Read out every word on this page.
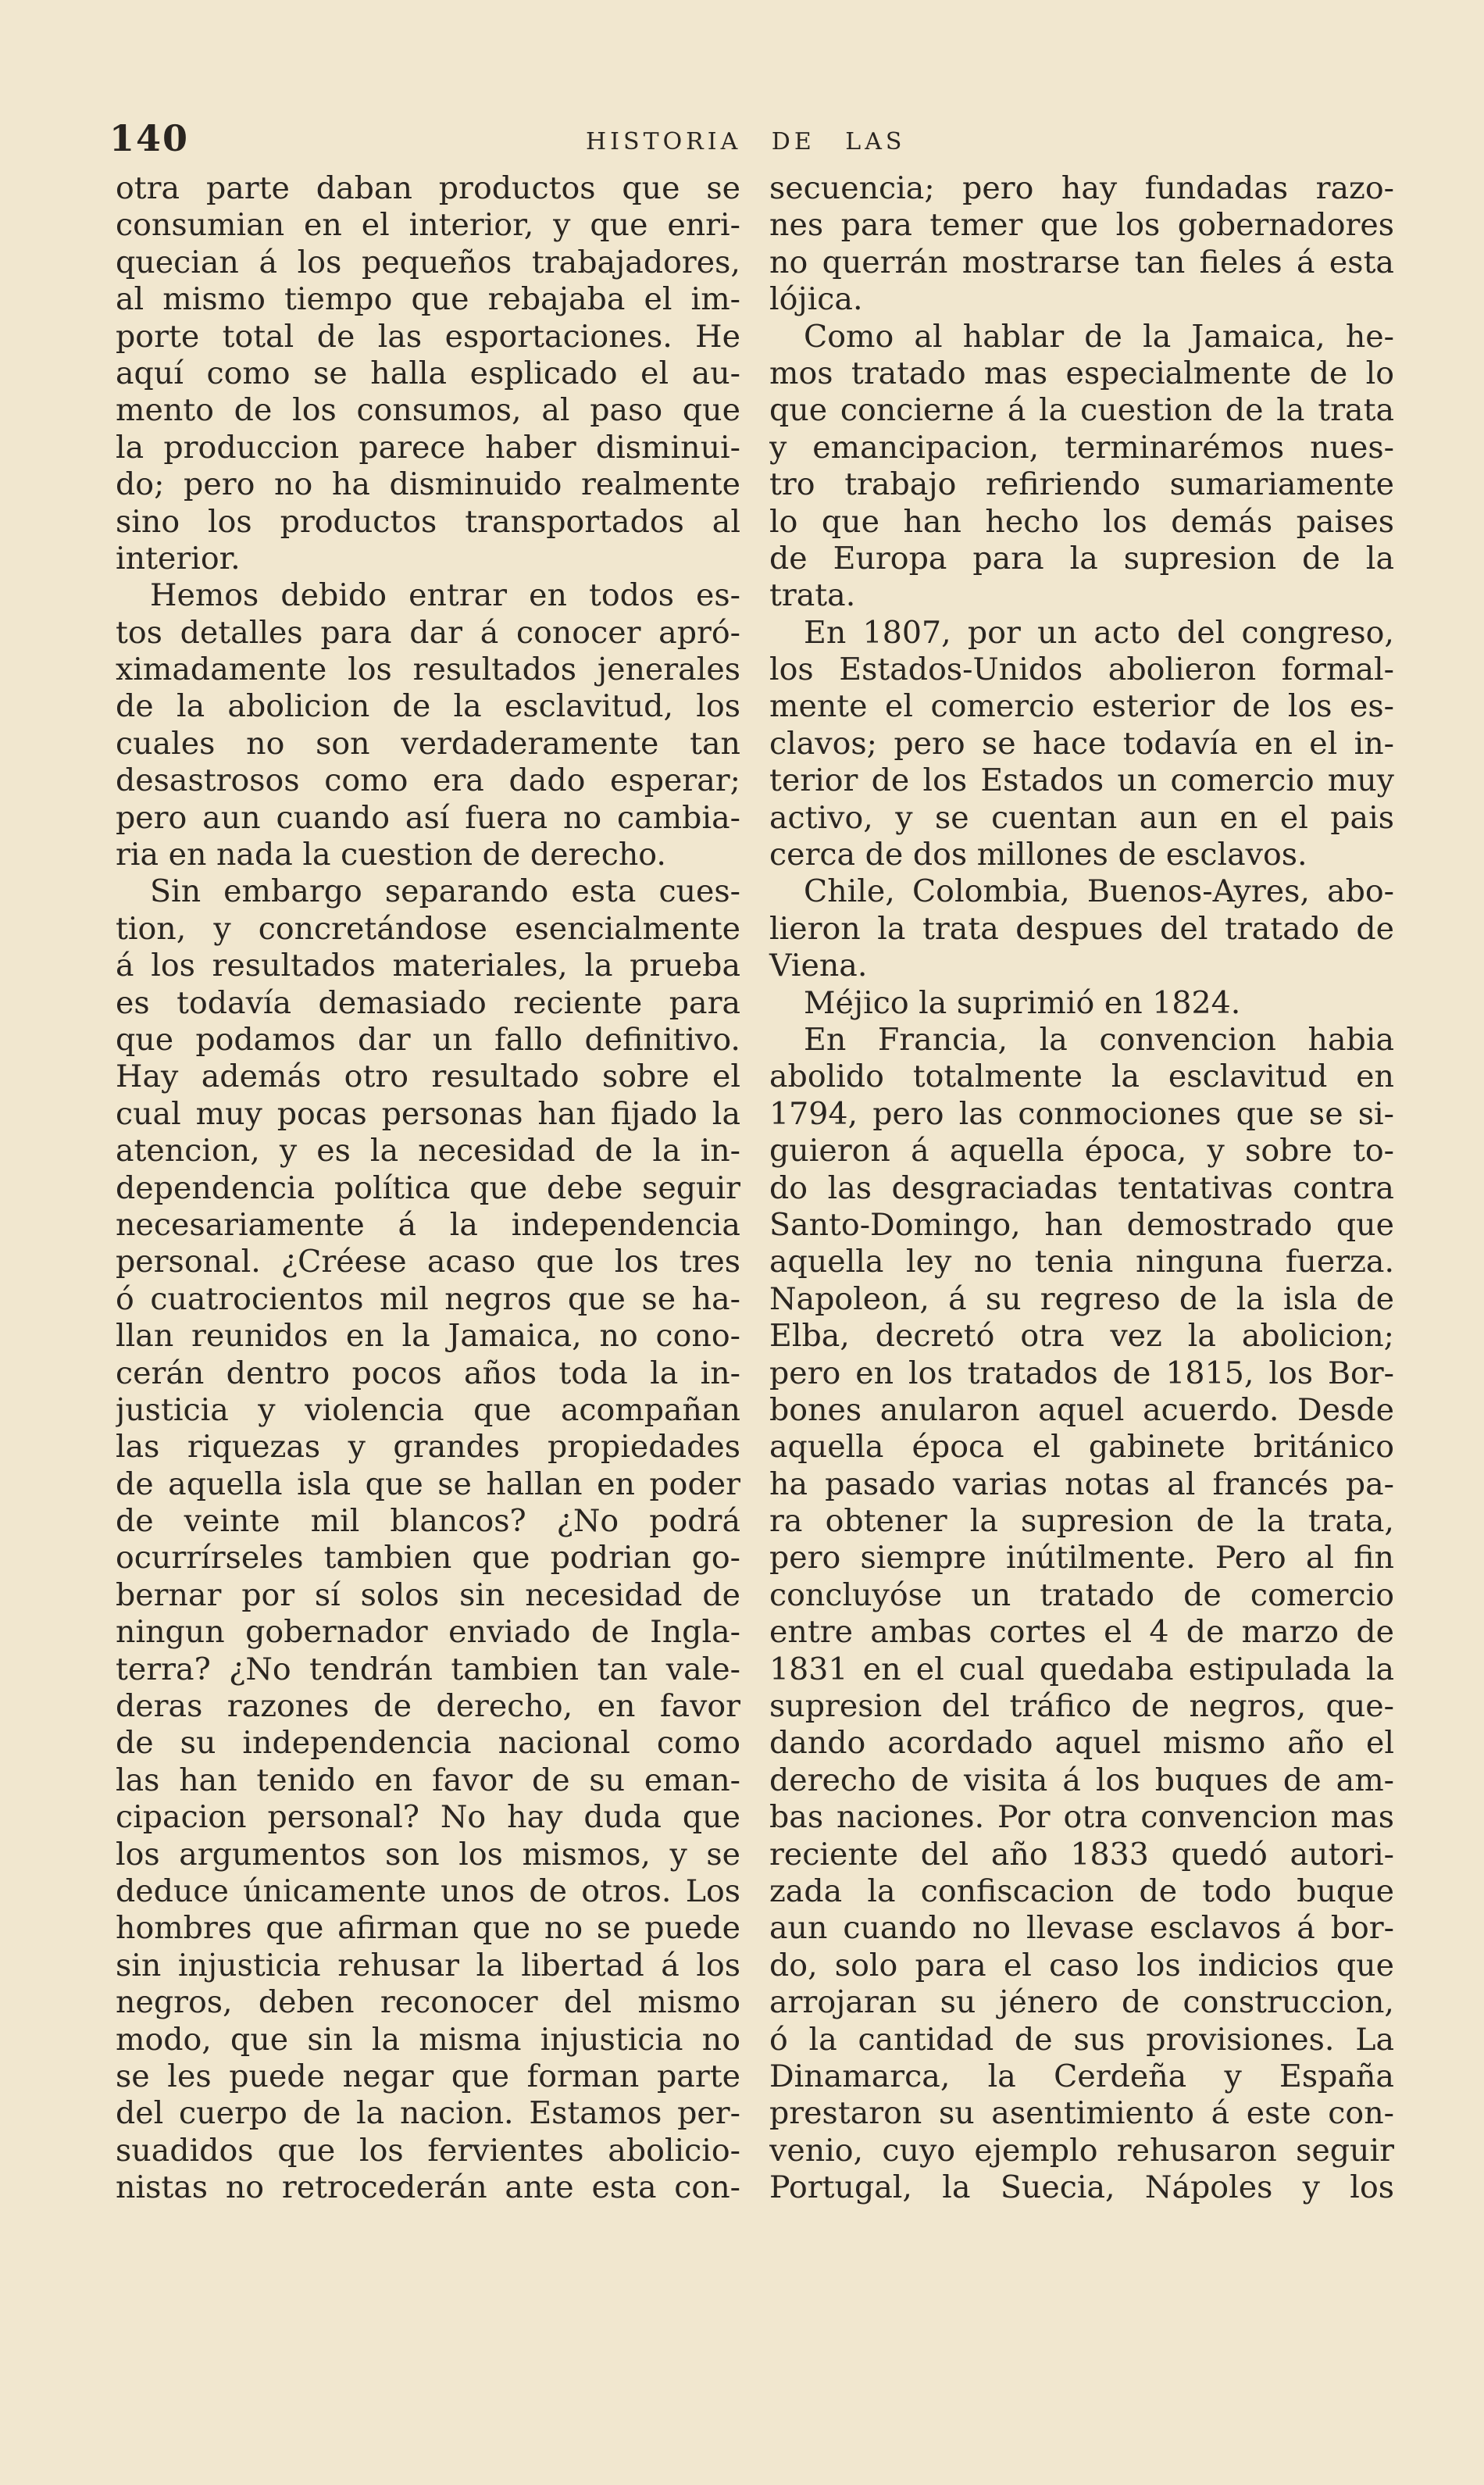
140	HISTORIA DE LAS
otra parte daban productos que se
consumian en el interior, y que enri-
quecian á los pequeños trabajadores,
al mismo tiempo que rebajaba el im-
porte total de las esportaciones. He
aquí como se halla esplicado el au-
mento de los consumos, al paso que
la produccion parece haber disminui-
do; pero no ha disminuido realmente
sino los productos transportados al
interior.
Hemos debido entrar en todos es-
tos detalles para dar á conocer apró-
ximadamente los resultados jenerales
de la abolicion de la esclavitud, los
cuales no son verdaderamente tan
desastrosos como era dado esperar;
pero aun cuando así fuera no cambia-
ria en nada la cuestion de derecho.
Sin embargo separando esta cues-
tion, y concretándose esencialmente
á los resultados materiales, la prueba
es todavía demasiado reciente para
que podamos dar un fallo definitivo.
Hay además otro resultado sobre el
cual muy pocas personas han fijado la
atencion, y es la necesidad de la in-
dependencia política que debe seguir
necesariamente á la independencia
personal. ¿Créese acaso que los tres
ó cuatrocientos mil negros que se ha-
llan reunidos en la Jamaica, no cono-
cerán dentro pocos años toda la in-
justicia y violencia que acompañan
las riquezas y grandes propiedades
de aquella isla que se hallan en poder
de veinte mil blancos? ¿No podrá
ocurrírseles tambien que podrian go-
bernar por sí solos sin necesidad de
ningun gobernador enviado de Ingla-
terra? ¿No tendrán tambien tan vale-
deras razones de derecho, en favor
de su independencia nacional como
las han tenido en favor de su eman-
cipacion personal? No hay duda que
los argumentos son los mismos, y se
deduce únicamente unos de otros. Los
hombres que afirman que no se puede
sin injusticia rehusar la libertad á los
negros, deben reconocer del mismo
modo, que sin la misma injusticia no
se les puede negar que forman parte
del cuerpo de la nacion. Estamos per-
suadidos que los fervientes abolicio-
nistas no retrocederán ante esta con-
secuencia; pero hay fundadas razo-
nes para temer que los gobernadores
no querrán mostrarse tan fieles á esta
lójica.
Como al hablar de la Jamaica, he-
mos tratado mas especialmente de lo
que concierne á la cuestion de la trata
y emancipacion, terminarémos nues-
tro trabajo refiriendo sumariamente
lo que han hecho los demás paises
de Europa para la supresion de la
trata.
En 1807, por un acto del congreso,
los Estados-Unidos abolieron formal-
mente el comercio esterior de los es-
clavos; pero se hace todavía en el in-
terior de los Estados un comercio muy
activo, y se cuentan aun en el pais
cerca de dos millones de esclavos.
Chile, Colombia, Buenos-Ayres, abo-
lieron la trata despues del tratado de
Viena.
Méjico la suprimió en 1824.
En Francia, la convencion habia
abolido totalmente la esclavitud en
1794, pero las conmociones que se si-
guieron á aquella época, y sobre to-
do las desgraciadas tentativas contra
Santo-Domingo, han demostrado que
aquella ley no tenia ninguna fuerza.
Napoleon, á su regreso de la isla de
Elba, decretó otra vez la abolicion;
pero en los tratados de 1815, los Bor-
bones anularon aquel acuerdo. Desde
aquella época el gabinete británico
ha pasado varias notas al francés pa-
ra obtener la supresion de la trata,
pero siempre inútilmente. Pero al fin
concluyóse un tratado de comercio
entre ambas cortes el 4 de marzo de
1831 en el cual quedaba estipulada la
supresion del tráfico de negros, que-
dando acordado aquel mismo año el
derecho de visita á los buques de am-
bas naciones. Por otra convencion mas
reciente del año 1833 quedó autori-
zada la confiscacion de todo buque
aun cuando no llevase esclavos á bor-
do, solo para el caso los indicios que
arrojaran su jénero de construccion,
ó la cantidad de sus provisiones. La
Dinamarca, la Cerdeña y España
prestaron su asentimiento á este con-
venio, cuyo ejemplo rehusaron seguir
Portugal, la Suecia, Nápoles y los
